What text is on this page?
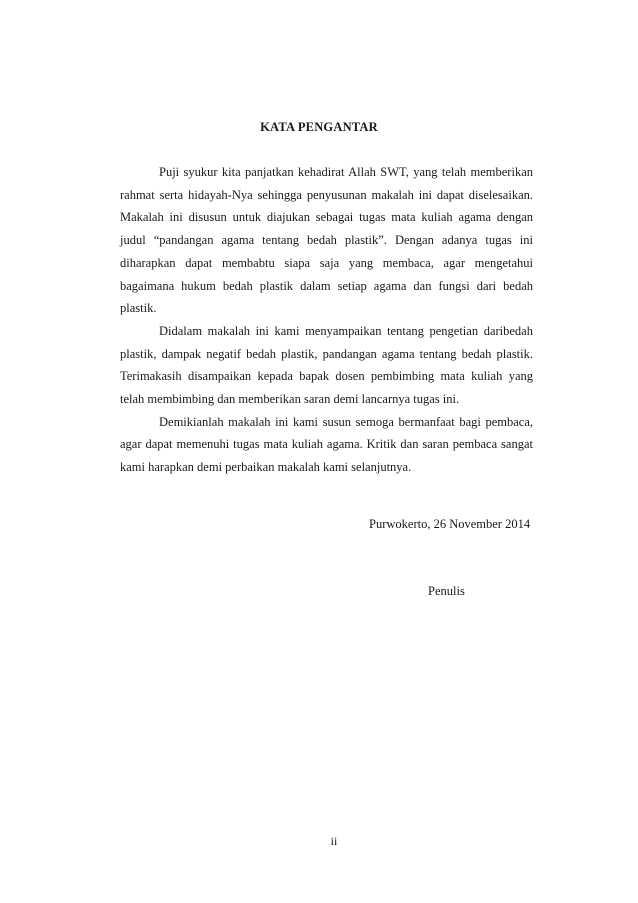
KATA PENGANTAR

Puji syukur kita panjatkan kehadirat Allah SWT, yang telah memberikan rahmat serta hidayah-Nya sehingga penyusunan makalah ini dapat diselesaikan. Makalah ini disusun untuk diajukan sebagai tugas mata kuliah agama dengan judul “pandangan agama tentang bedah plastik”. Dengan adanya tugas ini diharapkan dapat membabtu siapa saja yang membaca, agar mengetahui bagaimana hukum bedah plastik dalam setiap agama dan fungsi dari bedah plastik.

Didalam makalah ini kami menyampaikan tentang pengetian daribedah plastik, dampak negatif bedah plastik, pandangan agama tentang bedah plastik. Terimakasih disampaikan kepada bapak dosen pembimbing mata kuliah yang telah membimbing dan memberikan saran demi lancarnya tugas ini.

Demikianlah makalah ini kami susun semoga bermanfaat bagi pembaca, agar dapat memenuhi tugas mata kuliah agama. Kritik dan saran pembaca sangat kami harapkan demi perbaikan makalah kami selanjutnya.

Purwokerto, 26 November 2014
Penulis
ii
